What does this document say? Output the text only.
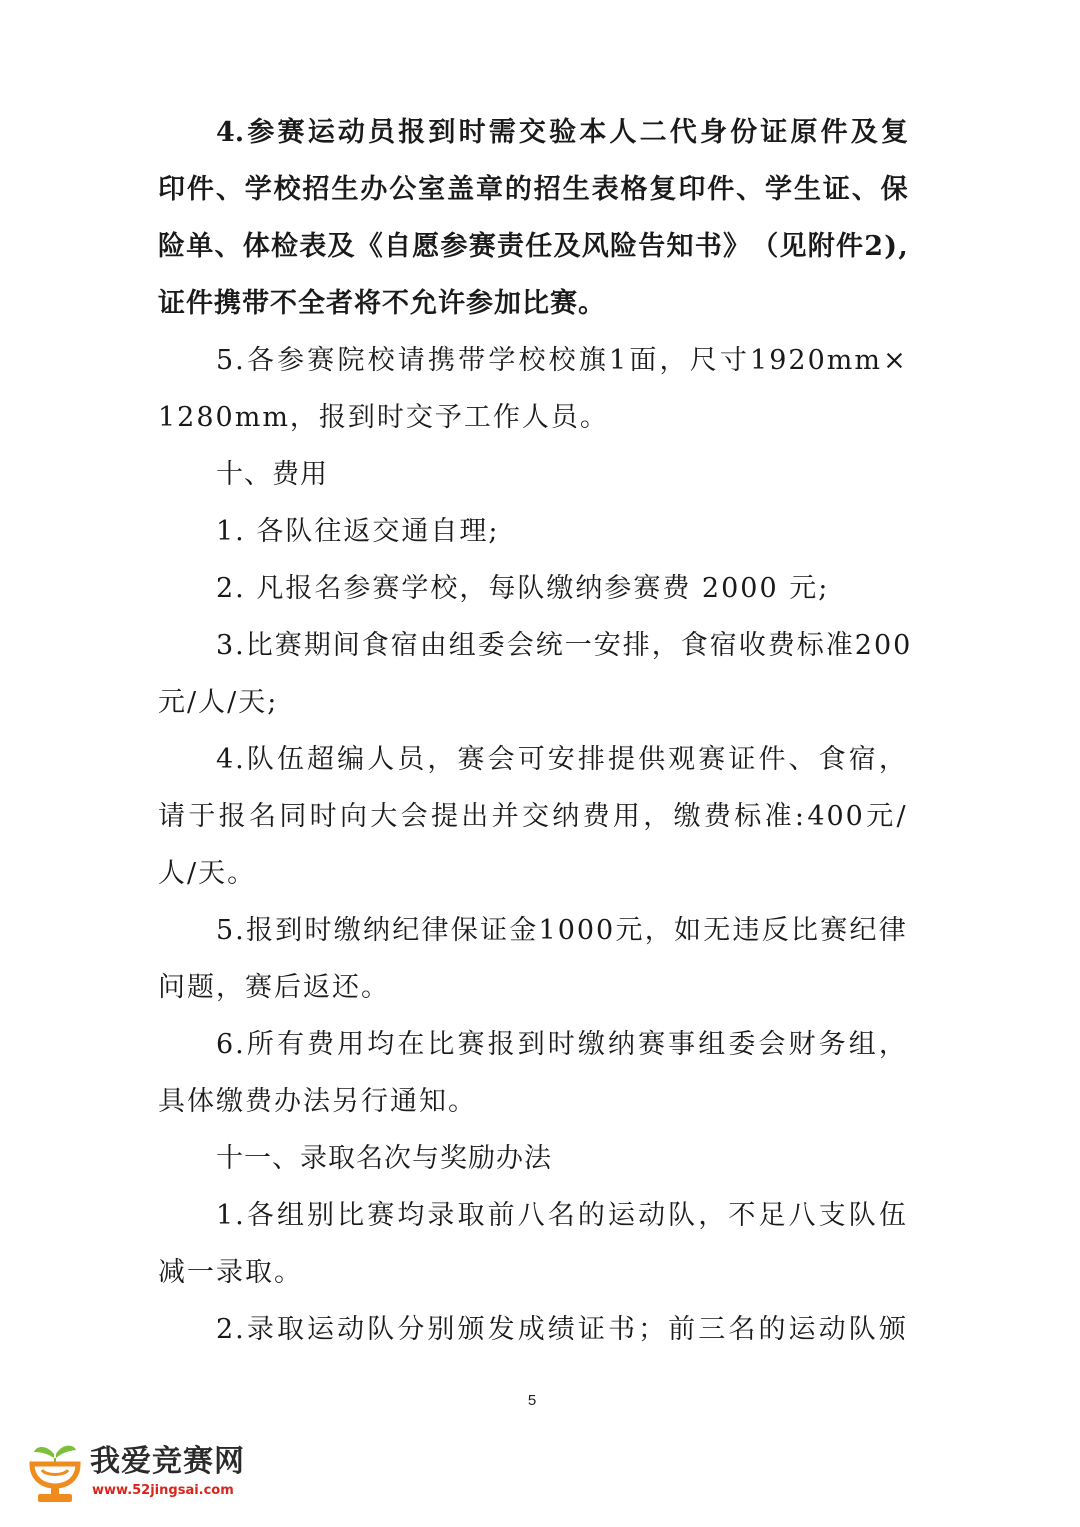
4. 参 赛 运 动 员 报 到 时 需 交 验 本 人 二 代 身 份 证 原 件 及 复
印 件 、 学 校 招 生 办 公 室 盖 章 的 招 生 表 格 复 印 件 、 学 生 证 、 保
险 单 、 体 检 表 及 《 自 愿 参 赛 责 任 及 风 险 告 知 书 》 （ 见 附 件 2 ) ,
证件携带不全者将不允许参加比赛。
5. 各 参 赛 院 校 请 携 带 学 校 校 旗 1 面 ， 尺 寸 1920mm ×
1280mm，报到时交予工作人员。
十、费用
1. 各队往返交通自理;
2. 凡报名参赛学校，每队缴纳参赛费 2000 元;
3. 比 赛 期 间 食 宿 由 组 委 会 统 一 安 排 ， 食 宿 收 费 标 准 200
元/人/天;
4. 队 伍 超 编 人 员 ， 赛 会 可 安 排 提 供 观 赛 证 件 、 食 宿 ，
请 于 报 名 同 时 向 大 会 提 出 并 交 纳 费 用 ， 缴 费 标 准 : 400 元 /
人/天。
5. 报 到 时 缴 纳 纪 律 保 证 金 1000 元 ， 如 无 违 反 比 赛 纪 律
问题，赛后返还。
6. 所 有 费 用 均 在 比 赛 报 到 时 缴 纳 赛 事 组 委 会 财 务 组 ，
具体缴费办法另行通知。
十一、录取名次与奖励办法
1. 各 组 别 比 赛 均 录 取 前 八 名 的 运 动 队 ， 不 足 八 支 队 伍
减一录取。
2. 录 取 运 动 队 分 别 颁 发 成 绩 证 书 ； 前 三 名 的 运 动 队 颁
5
我爱竞赛网
www.52jingsai.com
